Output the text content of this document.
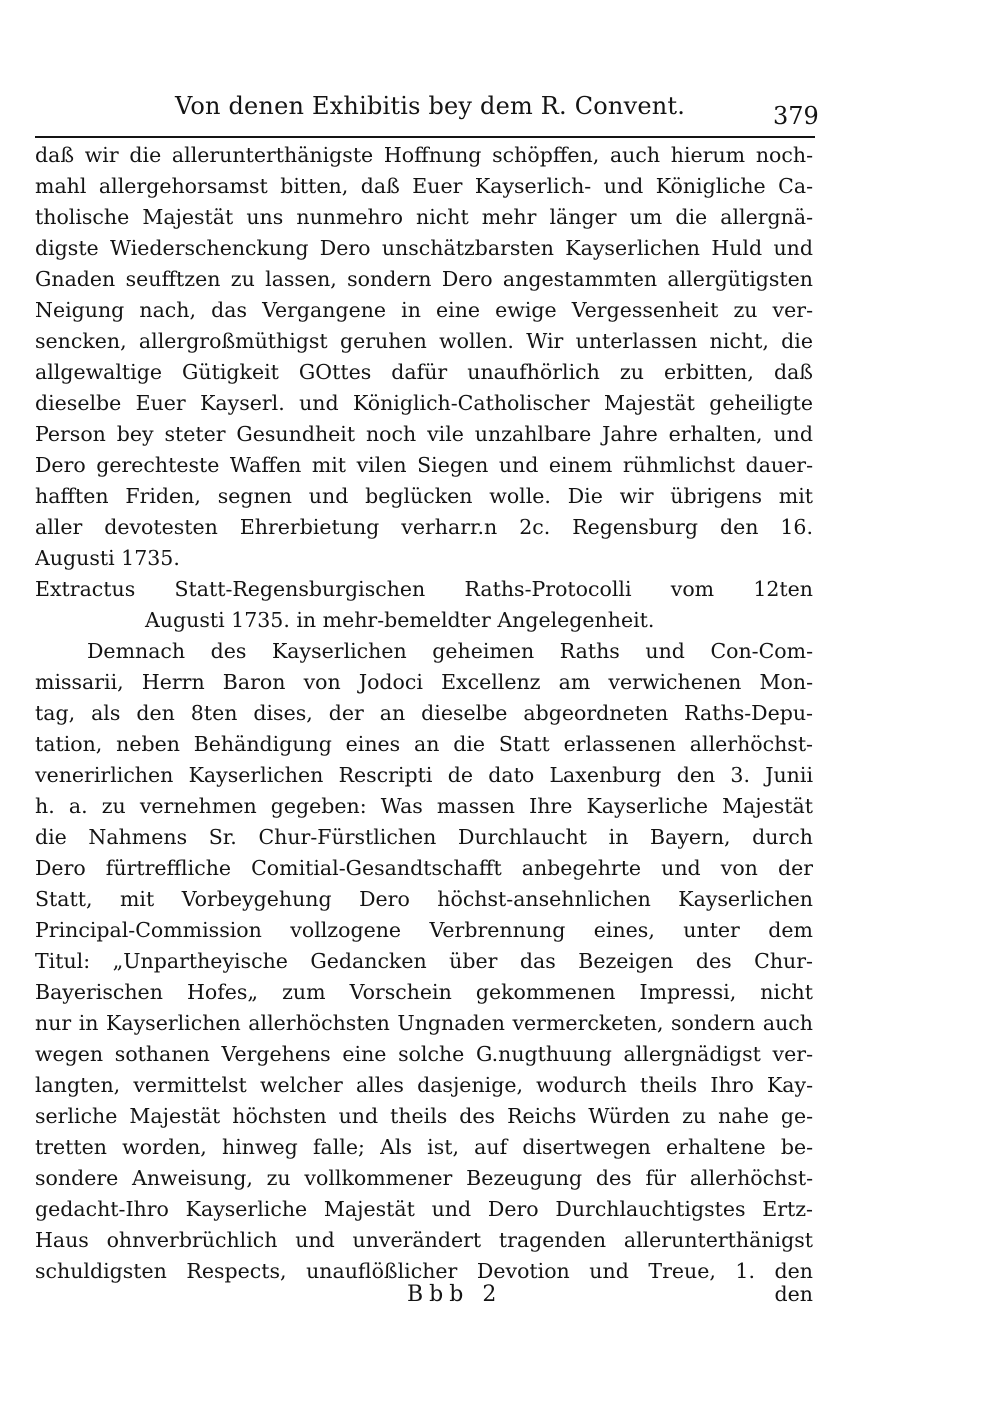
Von denen Exhibitis bey dem R. Convent.	379
daß wir die allerunterthänigste Hoffnung schöpffen, auch hierum noch-
mahl allergehorsamst bitten, daß Euer Kayserlich- und Königliche Ca-
tholische Majestät uns nunmehro nicht mehr länger um die allergnä-
digste Wiederschenckung Dero unschätzbarsten Kayserlichen Huld und
Gnaden seufftzen zu lassen, sondern Dero angestammten allergütigsten
Neigung nach, das Vergangene in eine ewige Vergessenheit zu ver-
sencken, allergroßmüthigst geruhen wollen. Wir unterlassen nicht, die
allgewaltige Gütigkeit GOttes dafür unaufhörlich zu erbitten, daß
dieselbe Euer Kayserl. und Königlich-Catholischer Majestät geheiligte
Person bey steter Gesundheit noch vile unzahlbare Jahre erhalten, und
Dero gerechteste Waffen mit vilen Siegen und einem rühmlichst dauer-
hafften Friden, segnen und beglücken wolle. Die wir übrigens mit
aller devotesten Ehrerbietung verharr.n 2c. Regensburg den 16.
Augusti 1735.
Extractus Statt-Regensburgischen Raths-Protocolli vom 12ten
Augusti 1735. in mehr-bemeldter Angelegenheit.
Demnach des Kayserlichen geheimen Raths und Con-Com-
missarii, Herrn Baron von Jodoci Excellenz am verwichenen Mon-
tag, als den 8ten dises, der an dieselbe abgeordneten Raths-Depu-
tation, neben Behändigung eines an die Statt erlassenen allerhöchst-
venerirlichen Kayserlichen Rescripti de dato Laxenburg den 3. Junii
h. a. zu vernehmen gegeben: Was massen Ihre Kayserliche Majestät
die Nahmens Sr. Chur-Fürstlichen Durchlaucht in Bayern, durch
Dero fürtreffliche Comitial-Gesandtschafft anbegehrte und von der
Statt, mit Vorbeygehung Dero höchst-ansehnlichen Kayserlichen
Principal-Commission vollzogene Verbrennung eines, unter dem
Titul: „Unpartheyische Gedancken über das Bezeigen des Chur-
Bayerischen Hofes„ zum Vorschein gekommenen Impressi, nicht
nur in Kayserlichen allerhöchsten Ungnaden vermercketen, sondern auch
wegen sothanen Vergehens eine solche G.nugthuung allergnädigst ver-
langten, vermittelst welcher alles dasjenige, wodurch theils Ihro Kay-
serliche Majestät höchsten und theils des Reichs Würden zu nahe ge-
tretten worden, hinweg falle; Als ist, auf disertwegen erhaltene be-
sondere Anweisung, zu vollkommener Bezeugung des für allerhöchst-
gedacht-Ihro Kayserliche Majestät und Dero Durchlauchtigstes Ertz-
Haus ohnverbrüchlich und unverändert tragenden allerunterthänigst
schuldigsten Respects, unauflößlicher Devotion und Treue, 1. den
Bbb 2	den
